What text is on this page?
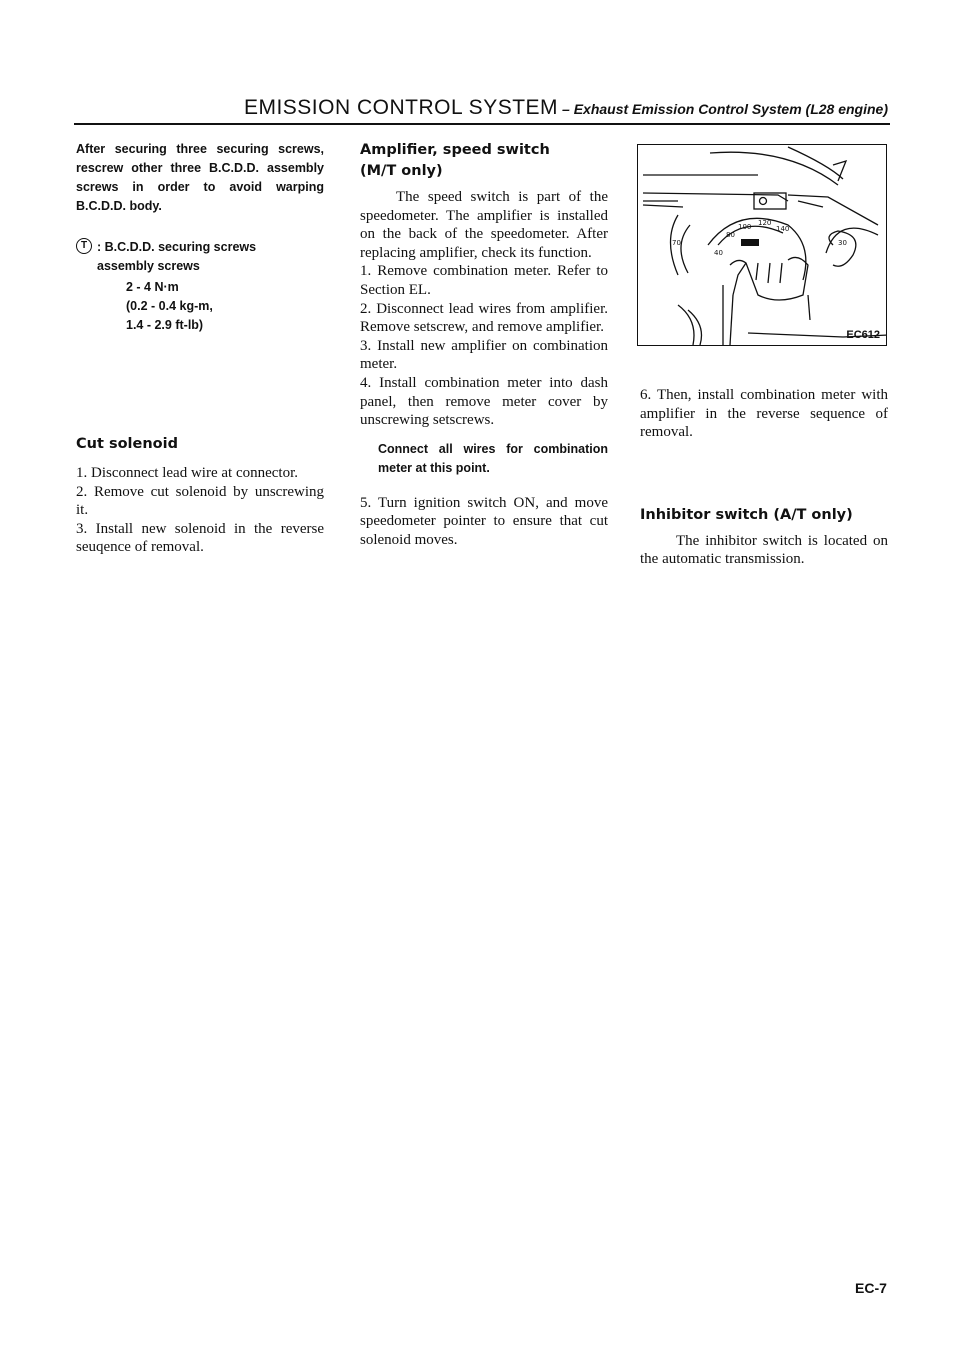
EMISSION CONTROL SYSTEM – Exhaust Emission Control System (L28 engine)

After securing three securing screws, rescrew other three B.C.D.D. assembly screws in order to avoid warping B.C.D.D. body.

T : B.C.D.D. securing screws assembly screws
2 - 4 N·m
(0.2 - 0.4 kg-m,
1.4 - 2.9 ft-lb)

Cut solenoid

1. Disconnect lead wire at connector.

2. Remove cut solenoid by unscrewing it.

3. Install new solenoid in the reverse seuqence of removal.

Amplifier, speed switch

(M/T only)

The speed switch is part of the speedometer. The amplifier is installed on the back of the speedometer. After replacing amplifier, check its function.

1. Remove combination meter. Refer to Section EL.

2. Disconnect lead wires from amplifier. Remove setscrew, and remove amplifier.

3. Install new amplifier on combination meter.

4. Install combination meter into dash panel, then remove meter cover by unscrewing setscrews.

Connect all wires for combination meter at this point.

5. Turn ignition switch ON, and move speedometer pointer to ensure that cut solenoid moves.

80
100 120
140
40
70	30
EC612

6. Then, install combination meter with amplifier in the reverse sequence of removal.

Inhibitor switch (A/T only)

The inhibitor switch is located on the automatic transmission.

EC-7
